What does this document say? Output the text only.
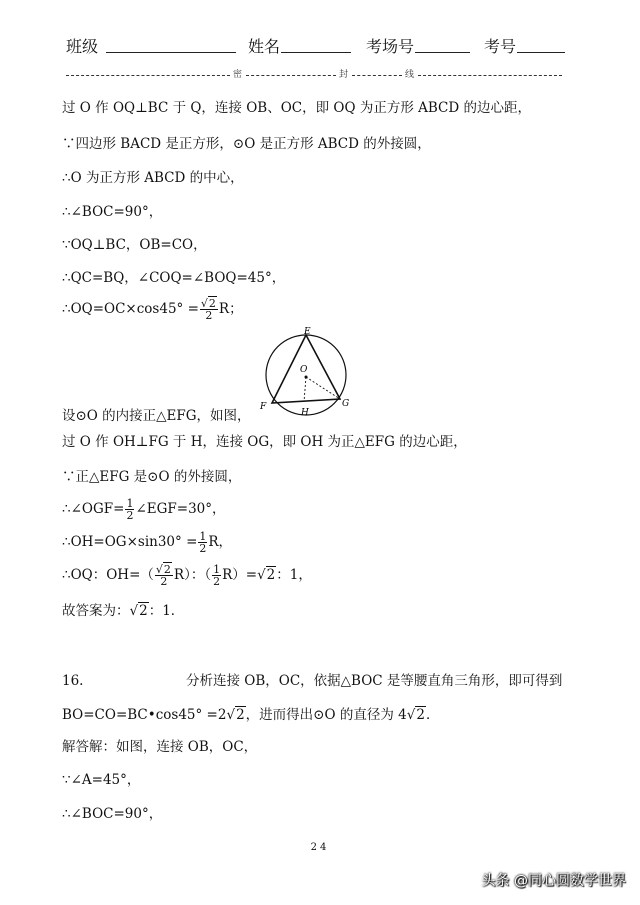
班级	姓名	考场号	考号
密	封	线
过 O 作 OQ⊥BC 于 Q，连接 OB、OC，即 OQ 为正方形 ABCD 的边心距，
∵四边形 BACD 是正方形，⊙O 是正方形 ABCD 的外接圆，
∴O 为正方形 ABCD 的中心，
∴∠BOC=90°，
∵OQ⊥BC，OB=CO，
∴QC=BQ，∠COQ=∠BOQ=45°，
∴OQ=OC×cos45° = $\frac{√2}{2}$ R；
E
O
F	G
H
设⊙O 的内接正△EFG，如图，
过 O 作 OH⊥FG 于 H，连接 OG，即 OH 为正△EFG 的边心距，
∵正△EFG 是⊙O 的外接圆，
∴∠OGF= $\frac{1}{2}$ ∠EGF=30°，
∴OH=OG×sin30° = $\frac{1}{2}$ R，
∴OQ：$OH=( \frac{√2}{2} R)$：（ $\frac{1}{2} R)=√2$：1，
故答案为：√2：1．
16.	分析连接 OB，OC，依据△BOC 是等腰直角三角形，即可得到
BO=CO=BC•cos45° =2√2，进而得出⊙O 的直径为 4√2．
解答解：如图，连接 OB，OC，
∵∠A=45°，
∴∠BOC=90°，
24
头条 @同心圆数学世界
